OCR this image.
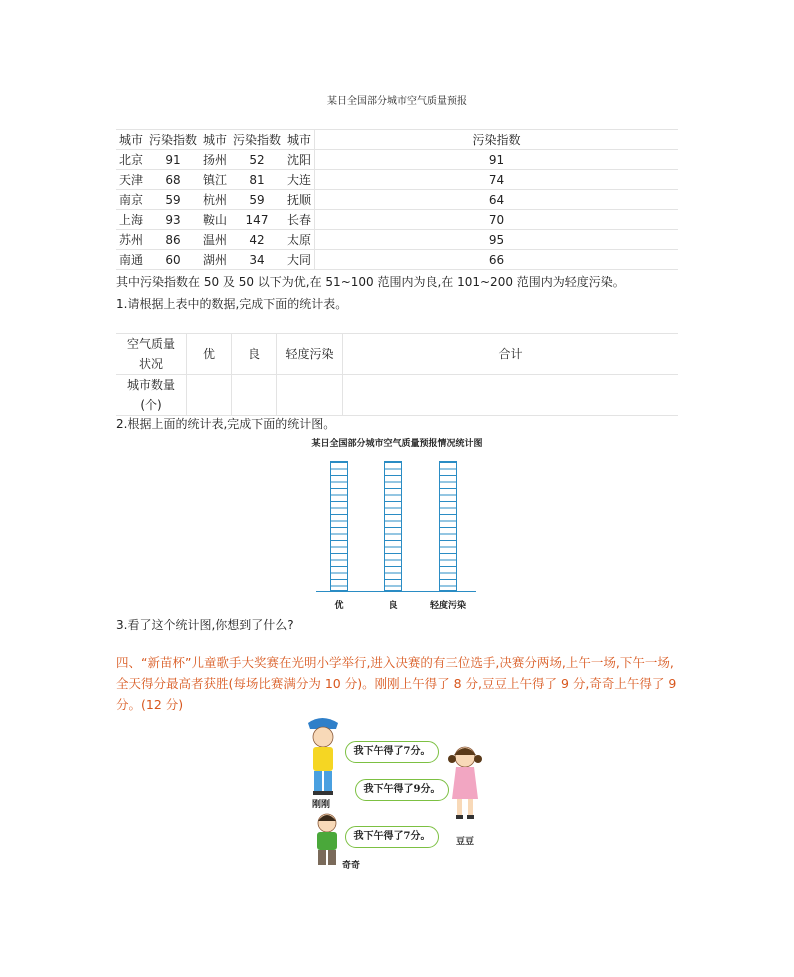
某日全国部分城市空气质量预报
城市	污染指数	城市	污染指数	城市	污染指数
北京	91	扬州	52	沈阳	91
天津	68	镇江	81	大连	74
南京	59	杭州	59	抚顺	64
上海	93	鞍山	147	长春	70
苏州	86	温州	42	太原	95
南通	60	湖州	34	大同	66
其中污染指数在 50 及 50 以下为优,在 51~100 范围内为良,在 101~200 范围内为轻度污染。
1.请根据上表中的数据,完成下面的统计表。
空气质量
状况	优	良	轻度污染	合计

城市数量
(个)				

2.根据上面的统计表,完成下面的统计图。
某日全国部分城市空气质量预报情况统计图
优	良	轻度污染
3.看了这个统计图,你想到了什么?
四、“新苗杯”儿童歌手大奖赛在光明小学举行,进入决赛的有三位选手,决赛分两场,上午一场,下午一场,全天得分最高者获胜(每场比赛满分为 10 分)。刚刚上午得了 8 分,豆豆上午得了 9 分,奇奇上午得了 9 分。(12 分)
我下午得了7分。
我下午得了9分。
我下午得了7分。
刚刚
豆豆
奇奇
